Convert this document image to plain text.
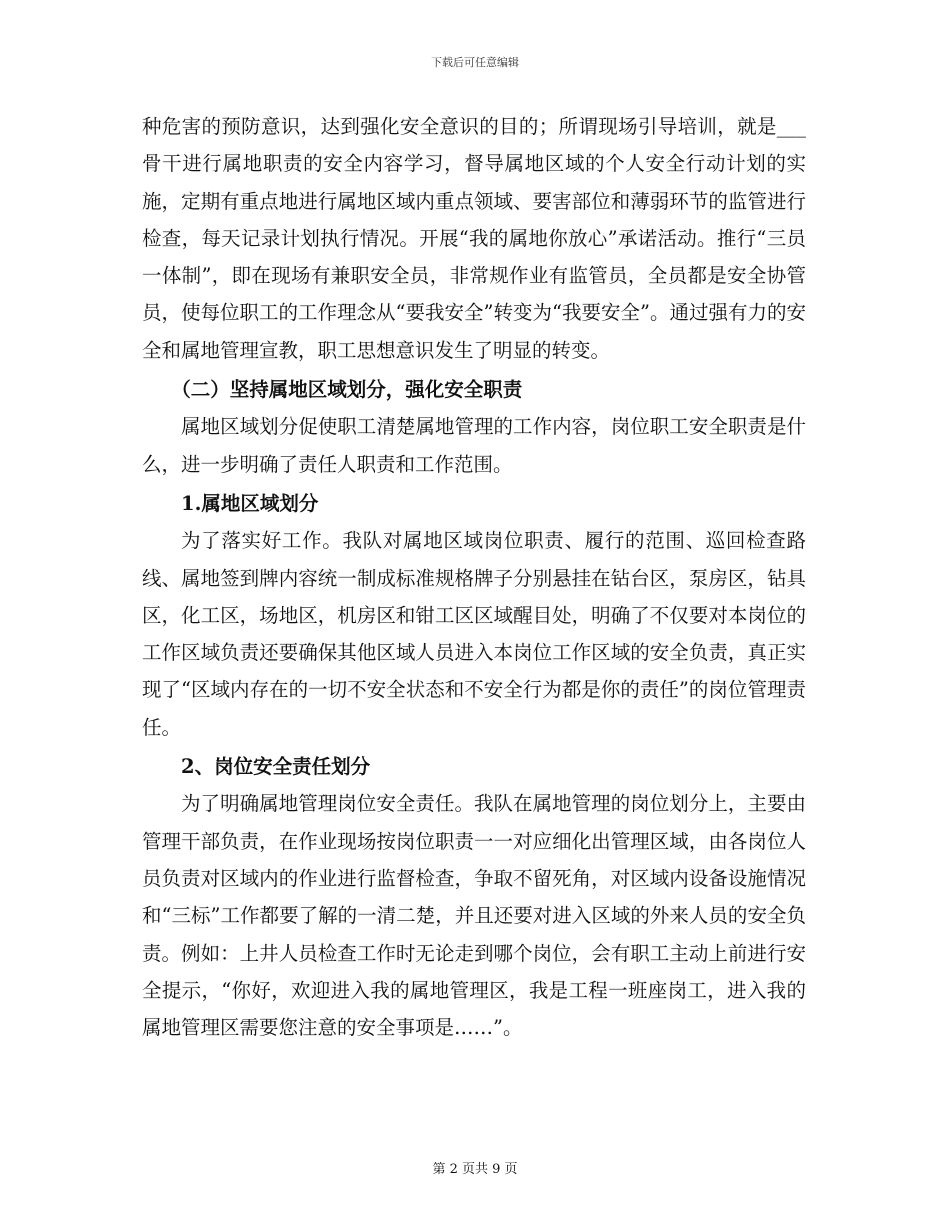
下载后可任意编辑

种危害的预防意识，达到强化安全意识的目的；所谓现场引导培训，就是___骨干进行属地职责的安全内容学习，督导属地区域的个人安全行动计划的实施，定期有重点地进行属地区域内重点领域、要害部位和薄弱环节的监管进行检查，每天记录计划执行情况。开展“我的属地你放心”承诺活动。推行“三员一体制”，即在现场有兼职安全员，非常规作业有监管员，全员都是安全协管员，使每位职工的工作理念从“要我安全”转变为“我要安全”。通过强有力的安全和属地管理宣教，职工思想意识发生了明显的转变。

（二）坚持属地区域划分，强化安全职责

属地区域划分促使职工清楚属地管理的工作内容，岗位职工安全职责是什么，进一步明确了责任人职责和工作范围。

1.属地区域划分

为了落实好工作。我队对属地区域岗位职责、履行的范围、巡回检查路线、属地签到牌内容统一制成标准规格牌子分别悬挂在钻台区，泵房区，钻具区，化工区，场地区，机房区和钳工区区域醒目处，明确了不仅要对本岗位的工作区域负责还要确保其他区域人员进入本岗位工作区域的安全负责，真正实现了“区域内存在的一切不安全状态和不安全行为都是你的责任”的岗位管理责任。

2、岗位安全责任划分

为了明确属地管理岗位安全责任。我队在属地管理的岗位划分上，主要由管理干部负责，在作业现场按岗位职责一一对应细化出管理区域，由各岗位人员负责对区域内的作业进行监督检查，争取不留死角，对区域内设备设施情况和“三标”工作都要了解的一清二楚，并且还要对进入区域的外来人员的安全负责。例如：上井人员检查工作时无论走到哪个岗位，会有职工主动上前进行安全提示，“你好，欢迎进入我的属地管理区，我是工程一班座岗工，进入我的属地管理区需要您注意的安全事项是……”。

第 2 页共 9 页
